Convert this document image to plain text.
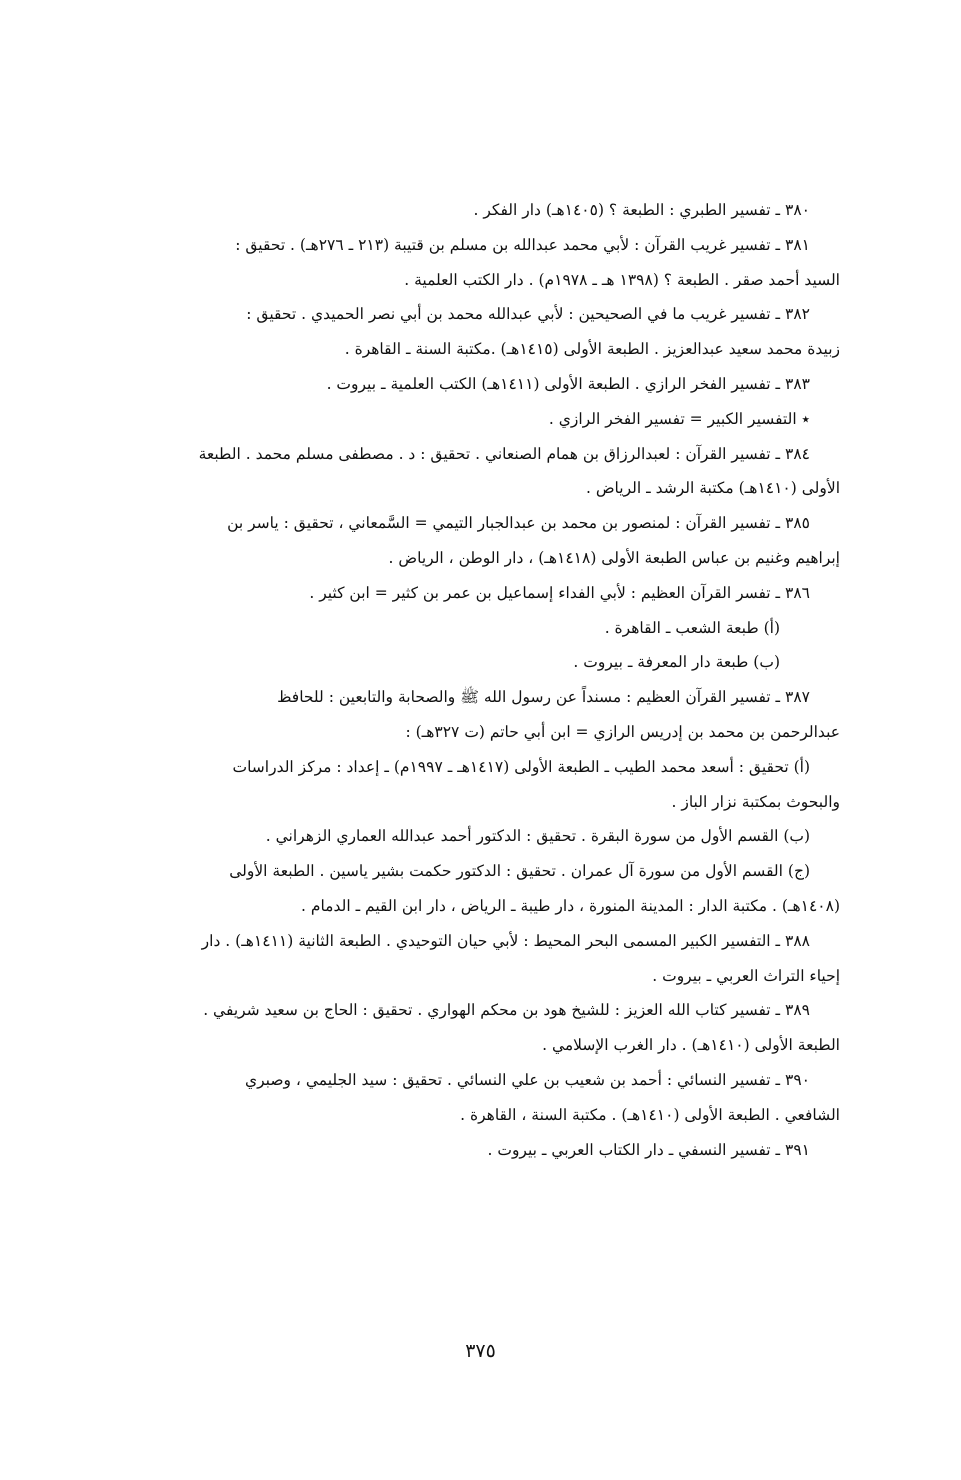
٣٨٠ ـ تفسير الطبري : الطبعة ؟ (١٤٠٥هـ) دار الفكر .
٣٨١ ـ تفسير غريب القرآن : لأبي محمد عبدالله بن مسلم بن قتيبة (٢١٣ ـ ٢٧٦هـ) . تحقيق :
السيد أحمد صقر . الطبعة ؟ (١٣٩٨ هـ ـ ١٩٧٨م) . دار الكتب العلمية .
٣٨٢ ـ تفسير غريب ما في الصحيحين : لأبي عبدالله محمد بن أبي نصر الحميدي . تحقيق :
زبيدة محمد سعيد عبدالعزيز . الطبعة الأولى (١٤١٥هـ) .مكتبة السنة ـ القاهرة .
٣٨٣ ـ تفسير الفخر الرازي . الطبعة الأولى (١٤١١هـ) الكتب العلمية ـ بيروت .
٭ التفسير الكبير = تفسير الفخر الرازي .
٣٨٤ ـ تفسير القرآن : لعبدالرزاق بن همام الصنعاني . تحقيق : د . مصطفى مسلم محمد . الطبعة
الأولى (١٤١٠هـ) مكتبة الرشد ـ الرياض .
٣٨٥ ـ تفسير القرآن : لمنصور بن محمد بن عبدالجبار التيمي = السَّمعاني ، تحقيق : ياسر بن
إبراهيم وغنيم بن عباس الطبعة الأولى (١٤١٨هـ) ، دار الوطن ، الرياض .
٣٨٦ ـ تفسر القرآن العظيم : لأبي الفداء إسماعيل بن عمر بن كثير = ابن كثير .
(أ) طبعة الشعب ـ القاهرة .
(ب) طبعة دار المعرفة ـ بيروت .
٣٨٧ ـ تفسير القرآن العظيم : مسنداً عن رسول الله ﷺ والصحابة والتابعين : للحافظ
عبدالرحمن بن محمد بن إدريس الرازي = ابن أبي حاتم (ت ٣٢٧هـ) :
(أ) تحقيق : أسعد محمد الطيب ـ الطبعة الأولى (١٤١٧هـ ـ ١٩٩٧م) ـ إعداد : مركز الدراسات
والبحوث بمكتبة نزار الباز .
(ب) القسم الأول من سورة البقرة . تحقيق : الدكتور أحمد عبدالله العماري الزهراني .
(ج) القسم الأول من سورة آل عمران . تحقيق : الدكتور حكمت بشير ياسين . الطبعة الأولى
(١٤٠٨هـ) . مكتبة الدار : المدينة المنورة ، دار طيبة ـ الرياض ، دار ابن القيم ـ الدمام .
٣٨٨ ـ التفسير الكبير المسمى البحر المحيط : لأبي حيان التوحيدي . الطبعة الثانية (١٤١١هـ) . دار
إحياء التراث العربي ـ بيروت .
٣٨٩ ـ تفسير كتاب الله العزيز : للشيخ هود بن محكم الهواري . تحقيق : الحاج بن سعيد شريفي .
الطبعة الأولى (١٤١٠هـ) . دار الغرب الإسلامي .
٣٩٠ ـ تفسير النسائي : أحمد بن شعيب بن علي النسائي . تحقيق : سيد الجليمي ، وصبري
الشافعي . الطبعة الأولى (١٤١٠هـ) . مكتبة السنة ، القاهرة .
٣٩١ ـ تفسير النسفي ـ دار الكتاب العربي ـ بيروت .
٣٧٥
